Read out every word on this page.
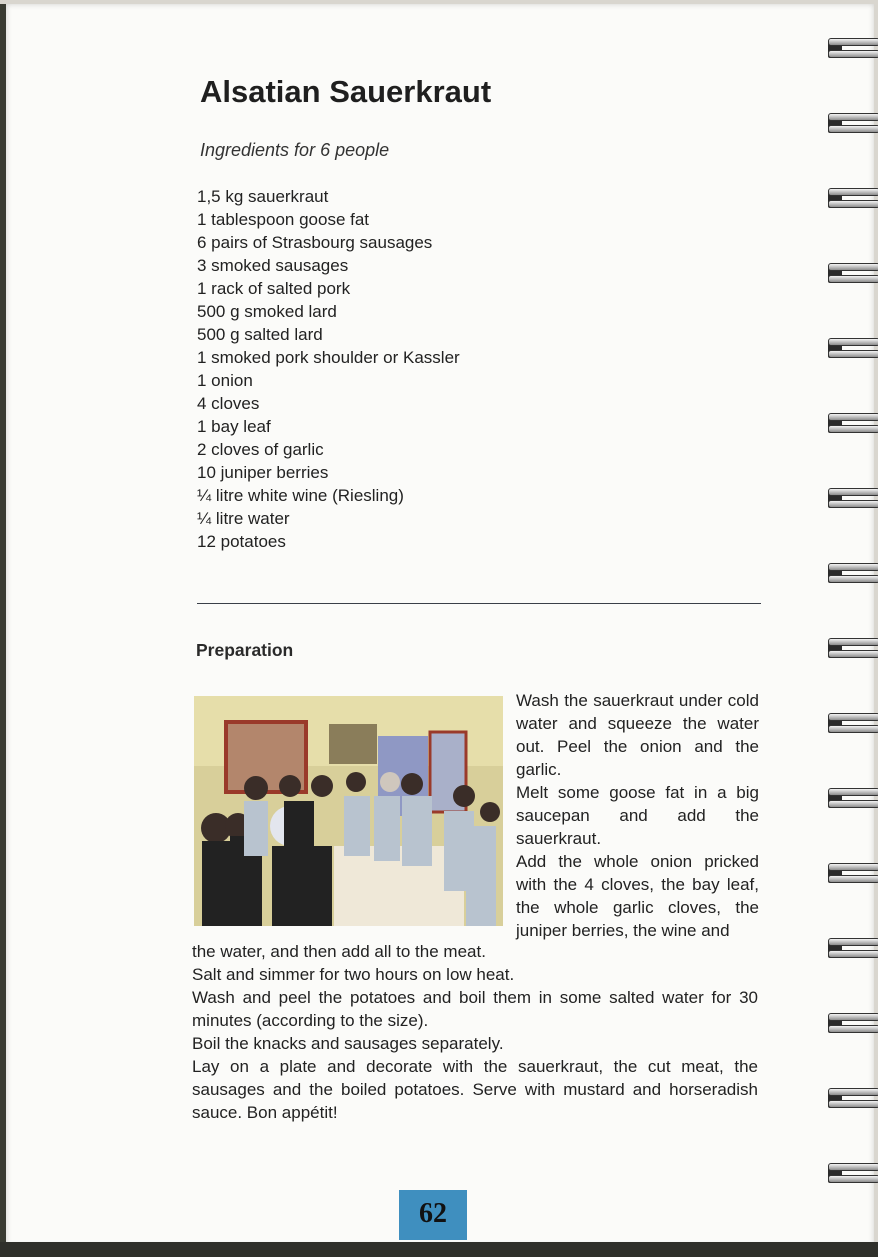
Alsatian Sauerkraut
Ingredients for 6 people
1,5 kg sauerkraut
1 tablespoon goose fat
6 pairs of Strasbourg sausages
3 smoked sausages
1 rack of salted pork
500 g smoked lard
500 g salted lard
1 smoked pork shoulder or Kassler
1 onion
4 cloves
1 bay leaf
2 cloves of garlic
10 juniper berries
¼ litre white wine (Riesling)
¼ litre water
12 potatoes
Preparation

Wash the sauerkraut under cold water and squeeze the water out. Peel the onion and the garlic.

Melt some goose fat in a big saucepan and add the sauerkraut.

Add the whole onion pricked with the 4 cloves, the bay leaf, the whole garlic cloves, the juniper berries, the wine and

the water, and then add all to the meat.

Salt and simmer for two hours on low heat.

Wash and peel the potatoes and boil them in some salted water for 30 minutes (according to the size).

Boil the knacks and sausages separately.

Lay on a plate and decorate with the sauerkraut, the cut meat, the sausages and the boiled potatoes. Serve with mustard and horseradish sauce. Bon appétit!

62
